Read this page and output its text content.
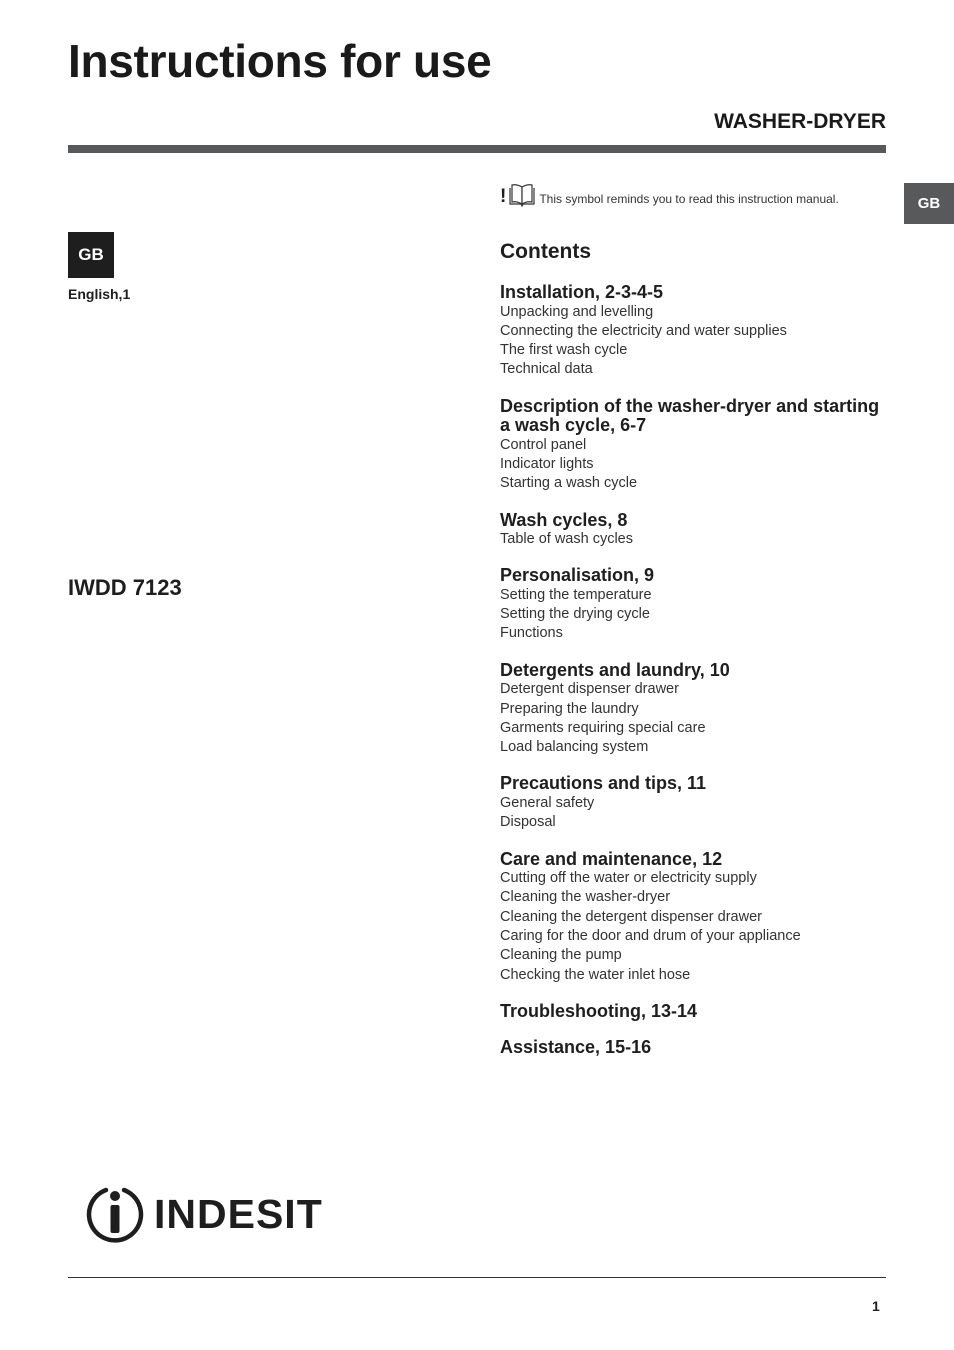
Instructions for use
WASHER-DRYER
GB
GB
English,1
IWDD 7123
!	This symbol reminds you to read this instruction manual.
Contents
Installation, 2-3-4-5
Unpacking and levelling
Connecting the electricity and water supplies
The first wash cycle
Technical data
Description of the washer-dryer and starting a wash cycle, 6-7
Control panel
Indicator lights
Starting a wash cycle
Wash cycles, 8
Table of wash cycles
Personalisation, 9
Setting the temperature
Setting the drying cycle
Functions
Detergents and laundry, 10
Detergent dispenser drawer
Preparing the laundry
Garments requiring special care
Load balancing system
Precautions and tips, 11
General safety
Disposal
Care and maintenance, 12
Cutting off the water or electricity supply
Cleaning the washer-dryer
Cleaning the detergent dispenser drawer
Caring for the door and drum of your appliance
Cleaning the pump
Checking the water inlet hose
Troubleshooting, 13-14
Assistance, 15-16
INDESIT
1
